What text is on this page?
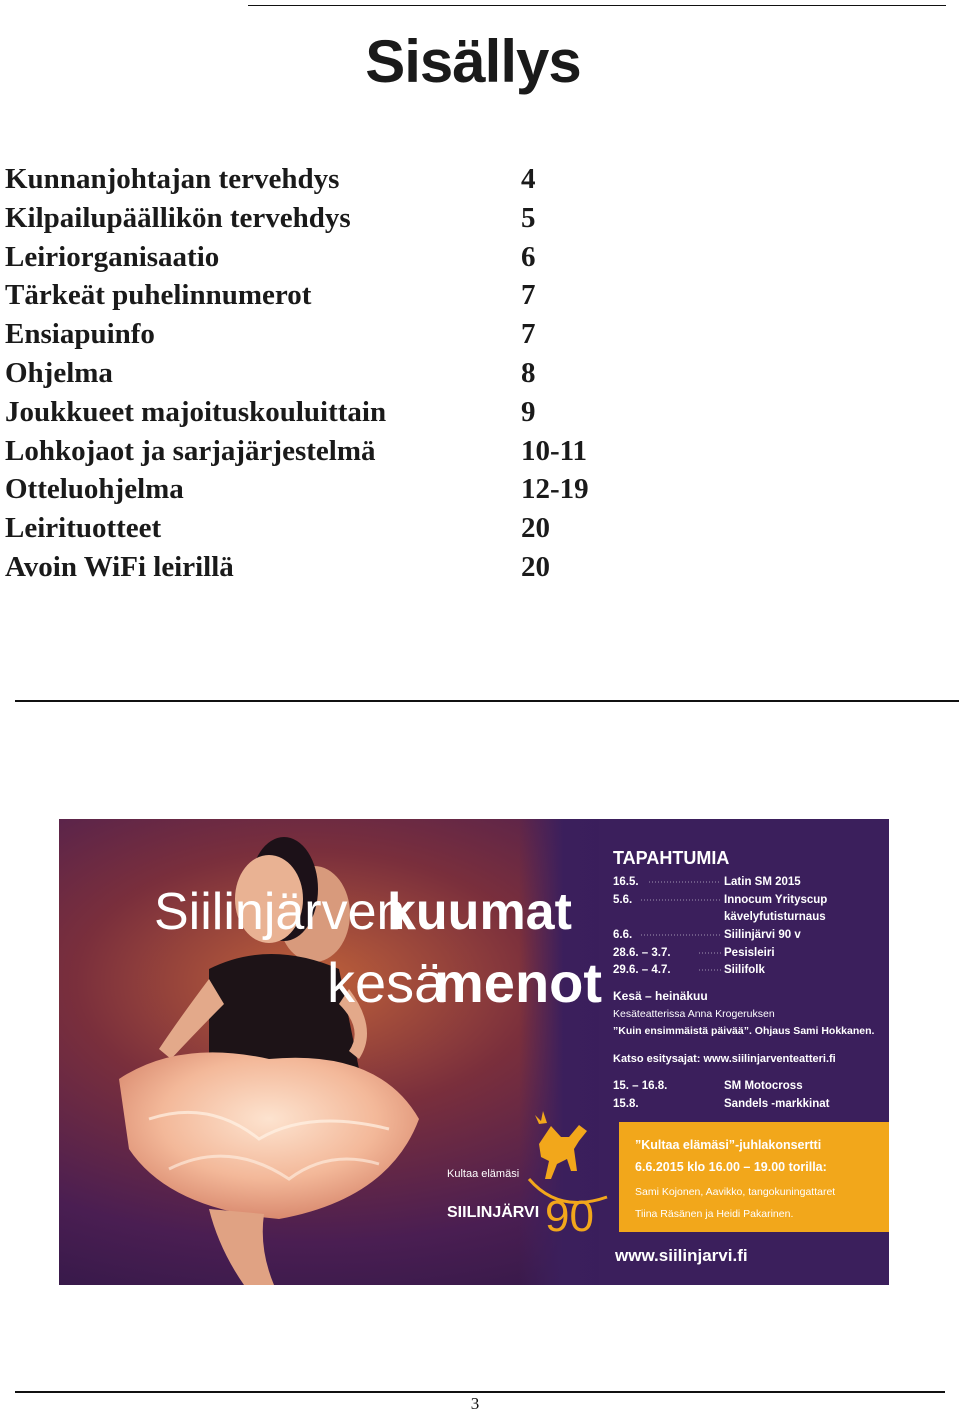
Sisällys
Kunnanjohtajan tervehdys	4
Kilpailupäällikön tervehdys	5
Leiriorganisaatio	6
Tärkeät puhelinnumerot	7
Ensiapuinfo	7
Ohjelma	8
Joukkueet majoituskouluittain	9
Lohkojaot ja sarjajärjestelmä	10-11
Otteluohjelma	12-19
Leirituotteet	20
Avoin WiFi leirillä	20
Siilinjärven
kuumat
kesä
menot
TAPAHTUMIA
16.5.	Latin SM 2015
5.6.	Innocum Yrityscup
kävelyfutisturnaus
6.6.	Siilinjärvi 90 v
28.6. – 3.7.	Pesisleiri
29.6. – 4.7.	Siilifolk
Kesä – heinäkuu
Kesäteatterissa Anna Krogeruksen
”Kuin ensimmäistä päivää”. Ohjaus Sami Hokkanen.
Katso esitysajat: www.siilinjarventeatteri.fi
15. – 16.8.	SM Motocross
15.8.	Sandels -markkinat
”Kultaa elämäsi”-juhlakonsertti
6.6.2015 klo 16.00 – 19.00 torilla:
Sami Kojonen, Aavikko, tangokuningattaret
Tiina Räsänen ja Heidi Pakarinen.
www.siilinjarvi.fi
Kultaa elämäsi
SIILINJÄRVI 90
3
